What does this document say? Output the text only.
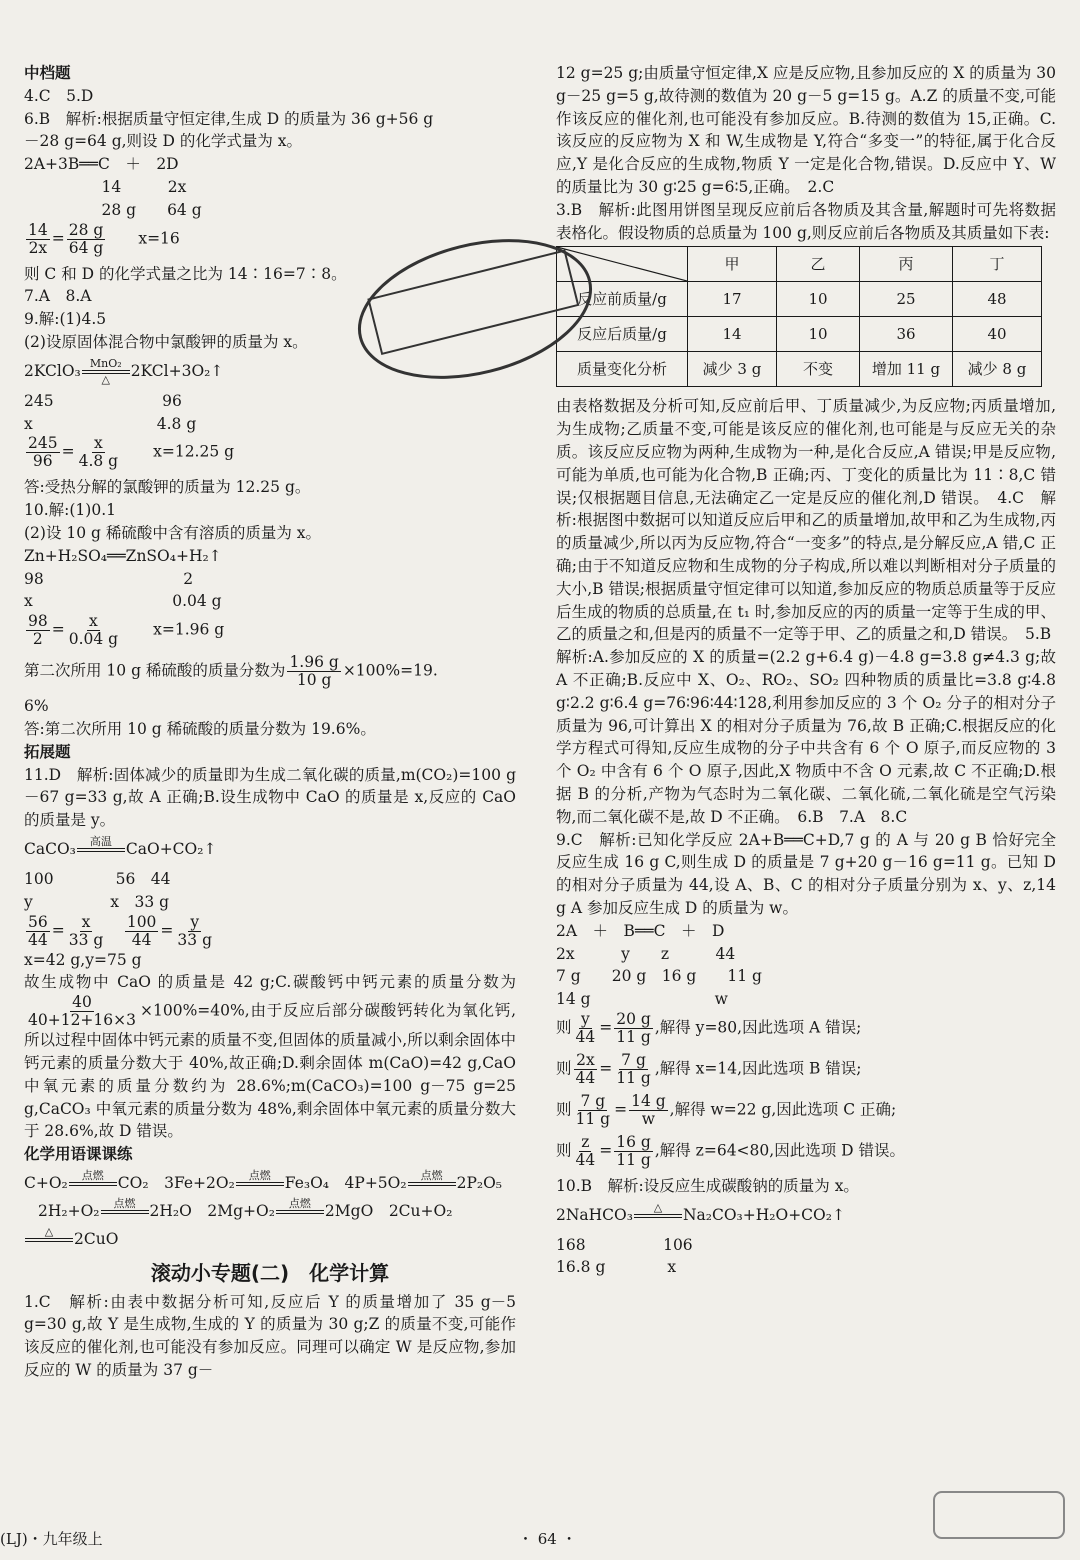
中档题
4.C　5.D
6.B　解析:根据质量守恒定律,生成 D 的质量为 36 g+56 g
－28 g=64 g,则设 D 的化学式量为 x。
2A+3B══C　＋　2D
　　　　　14　　　2x
　　　　　28 g　　64 g
$\frac{14}{2x} = \frac{28 g}{64 g}$
　　 x=16
则 C 和 D 的化学式量之比为 14∶16=7∶8。
7.A　8.A
9.解:(1)4.5
(2)设原固体混合物中氯酸钾的质量为 x。
2KClO₃ MnO₂
△ 2KCl+3O₂↑
245　　　　　　　96
x　　　　　　　　4.8 g
$\frac{245}{96} = \frac{x}{4.8 g}$
　　 x=12.25 g
答:受热分解的氯酸钾的质量为 12.25 g。
10.解:(1)0.1
(2)设 10 g 稀硫酸中含有溶质的质量为 x。
Zn+H₂SO₄══ZnSO₄+H₂↑
98　　　　　　　　　2
x　　　　　　　　　0.04 g
$\frac{98}{2} = \frac{x}{0.04 g}$
　　 x=1.96 g
第二次所用 10 g 稀硫酸的质量分数为 $\frac{1.96 g}{10 g} \times 100\%=19$.
6%
答:第二次所用 10 g 稀硫酸的质量分数为 19.6%。
拓展题
11.D　解析:固体减少的质量即为生成二氧化碳的质量,m(CO₂)=100 g－67 g=33 g,故 A 正确;B.设生成物中 CaO 的质量是 x,反应的 CaO 的质量是 y。
CaCO₃ 高温
CaO+CO₂↑
100　　　　56　44
y　　　　　x　33 g
$\frac{56}{44} = \frac{x}{33 g}$
　 $\frac{100}{44} = \frac{y}{33 g}$
x=42 g,y=75 g
故生成物中 CaO 的质量是 42 g;C.碳酸钙中钙元素的质量分数为
$\frac{40}{40+12+16\times 3} \times 100\%=40\%$,由于反应后部分碳酸钙转化为氧化钙,所以过程中固体中钙元素的质量不变,但固体的质量减小,所以剩余固体中钙元素的质量分数大于 40%,故正确;D.剩余固体 m(CaO)=42 g,CaO 中氧元素的质量分数约为 28.6%;m(CaCO₃)=100 g－75 g=25 g,CaCO₃ 中氧元素的质量分数为 48%,剩余固体中氧元素的质量分数大于 28.6%,故 D 错误。
化学用语课课练
C+O₂ 点燃
CO₂　 3Fe+2O₂ 点燃
Fe₃O₄　 4P+5O₂ 点燃
2P₂O₅
2H₂+O₂ 点燃
2H₂O　 2Mg+O₂ 点燃
2MgO　 2Cu+O₂
△
2CuO
滚动小专题(二)　化学计算
1.C　解析:由表中数据分析可知,反应后 Y 的质量增加了 35 g－5 g=30 g,故 Y 是生成物,生成的 Y 的质量为 30 g;Z 的质量不变,可能作该反应的催化剂,也可能没有参加反应。同理可以确定 W 是反应物,参加反应的 W 的质量为 37 g－
12 g=25 g;由质量守恒定律,X 应是反应物,且参加反应的 X 的质量为 30 g－25 g=5 g,故待测的数值为 20 g－5 g=15 g。A.Z 的质量不变,可能作该反应的催化剂,也可能没有参加反应。B.待测的数值为 15,正确。C.该反应的反应物为 X 和 W,生成物是 Y,符合“多变一”的特征,属于化合反应,Y 是化合反应的生成物,物质 Y 一定是化合物,错误。D.反应中 Y、W 的质量比为 30 g∶25 g=6∶5,正确。　2.C
3.B　解析:此图用饼图呈现反应前后各物质及其含量,解题时可先将数据表格化。假设物质的总质量为 100 g,则反应前后各物质及其质量如下表:
	甲	乙	丙	丁
反应前质量/g	17	10	25	48
反应后质量/g	14	10	36	40
质量变化分析	减少 3 g	不变	增加 11 g	减少 8 g
由表格数据及分析可知,反应前后甲、丁质量减少,为反应物;丙质量增加,为生成物;乙质量不变,可能是该反应的催化剂,也可能是与反应无关的杂质。该反应反应物为两种,生成物为一种,是化合反应,A 错误;甲是反应物,可能为单质,也可能为化合物,B 正确;丙、丁变化的质量比为 11∶8,C 错误;仅根据题目信息,无法确定乙一定是反应的催化剂,D 错误。　4.C　解析:根据图中数据可以知道反应后甲和乙的质量增加,故甲和乙为生成物,丙的质量减少,所以丙为反应物,符合“一变多”的特点,是分解反应,A 错,C 正确;由于不知道反应物和生成物的分子构成,所以难以判断相对分子质量的大小,B 错误;根据质量守恒定律可以知道,参加反应的物质总质量等于反应后生成的物质的总质量,在 t₁ 时,参加反应的丙的质量一定等于生成的甲、乙的质量之和,但是丙的质量不一定等于甲、乙的质量之和,D 错误。　5.B
解析:A.参加反应的 X 的质量=(2.2 g+6.4 g)－4.8 g=3.8 g≠4.3 g;故 A 不正确;B.反应中 X、O₂、RO₂、SO₂ 四种物质的质量比=3.8 g∶4.8 g∶2.2 g∶6.4 g=76∶96∶44∶128,利用参加反应的 3 个 O₂ 分子的相对分子质量为 96,可计算出 X 的相对分子质量为 76,故 B 正确;C.根据反应的化学方程式可得知,反应生成物的分子中共含有 6 个 O 原子,而反应物的 3 个 O₂ 中含有 6 个 O 原子,因此,X 物质中不含 O 元素,故 C 不正确;D.根据 B 的分析,产物为气态时为二氧化碳、二氧化硫,二氧化硫是空气污染物,而二氧化碳不是,故 D 不正确。　6.B　7.A　8.C
9.C　解析:已知化学反应 2A+B══C+D,7 g 的 A 与 20 g B 恰好完全反应生成 16 g C,则生成 D 的质量是 7 g+20 g－16 g=11 g。已知 D 的相对分子质量为 44,设 A、B、C 的相对分子质量分别为 x、y、z,14 g A 参加反应生成 D 的质量为 w。
2A　＋　B══C　＋　D
2x　　　y　　z　　　44
7 g　　20 g　16 g　　11 g
14 g　　　　　　　　w
则 $\frac{y}{44} = \frac{20 g}{11 g}$ ,解得 y=80,因此选项 A 错误;
则 $\frac{2x}{44} = \frac{7 g}{11 g}$ ,解得 x=14,因此选项 B 错误;
则 $\frac{7 g}{11 g} = \frac{14 g}{w}$ ,解得 w=22 g,因此选项 C 正确;
则 $\frac{z}{44} = \frac{16 g}{11 g}$ ,解得 z=64<80,因此选项 D 错误。
10.B　解析:设反应生成碳酸钠的质量为 x。
2NaHCO₃ △
Na₂CO₃+H₂O+CO₂↑
168　　　　　106
16.8 g　　　　x
(LJ)・九年级上	・ 64 ・
